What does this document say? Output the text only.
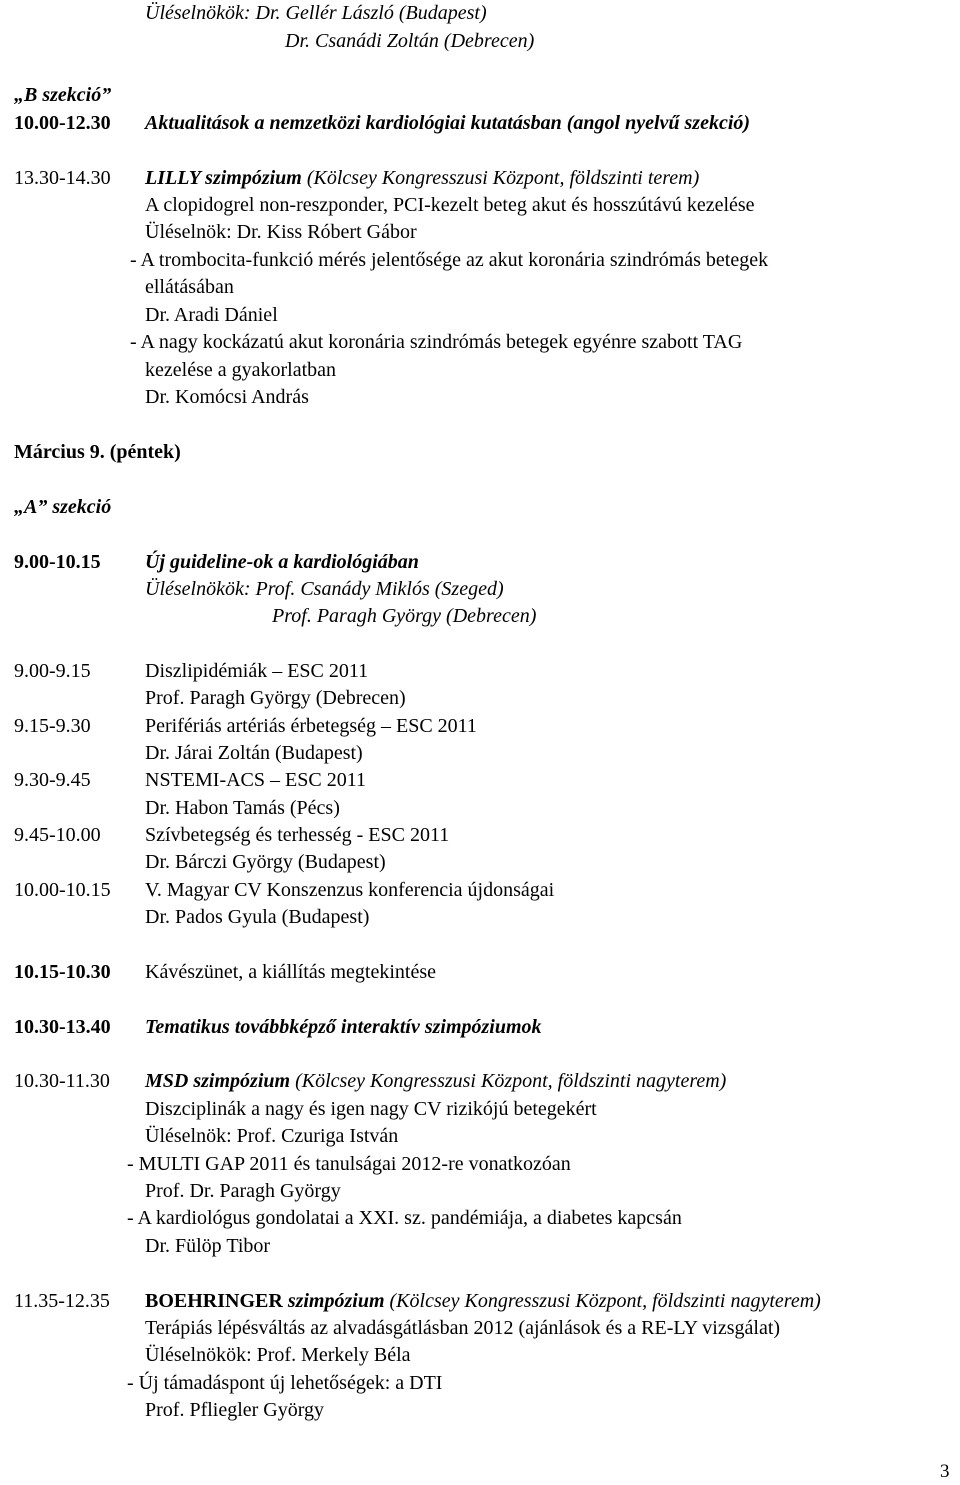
Üléselnökök: Dr. Gellér László (Budapest)
Dr. Csanádi Zoltán (Debrecen)
„B szekció”
10.00-12.30 Aktualitások a nemzetközi kardiológiai kutatásban (angol nyelvű szekció)
13.30-14.30 LILLY szimpózium (Kölcsey Kongresszusi Központ, földszinti terem)
A clopidogrel non-reszponder, PCI-kezelt beteg akut és hosszútávú kezelése
Üléselnök: Dr. Kiss Róbert Gábor
- A trombocita-funkció mérés jelentősége az akut koronária szindrómás betegek
ellátásában
Dr. Aradi Dániel
- A nagy kockázatú akut koronária szindrómás betegek egyénre szabott TAG
kezelése a gyakorlatban
Dr. Komócsi András
Március 9. (péntek)
„A” szekció
9.00-10.15 Új guideline-ok a kardiológiában
Üléselnökök: Prof. Csanády Miklós (Szeged)
Prof. Paragh György (Debrecen)
9.00-9.15	Diszlipidémiák – ESC 2011
Prof. Paragh György (Debrecen)
9.15-9.30	Perifériás artériás érbetegség – ESC 2011
Dr. Járai Zoltán (Budapest)
9.30-9.45	NSTEMI-ACS – ESC 2011
Dr. Habon Tamás (Pécs)
9.45-10.00 Szívbetegség és terhesség - ESC 2011
Dr. Bárczi György (Budapest)
10.00-10.15 V. Magyar CV Konszenzus konferencia újdonságai
Dr. Pados Gyula (Budapest)
10.15-10.30 Kávészünet, a kiállítás megtekintése
10.30-13.40 Tematikus továbbképző interaktív szimpóziumok
10.30-11.30 MSD szimpózium (Kölcsey Kongresszusi Központ, földszinti nagyterem)
Diszciplinák a nagy és igen nagy CV rizikójú betegekért
Üléselnök: Prof. Czuriga István
- MULTI GAP 2011 és tanulságai 2012-re vonatkozóan
Prof. Dr. Paragh György
- A kardiológus gondolatai a XXI. sz. pandémiája, a diabetes kapcsán
Dr. Fülöp Tibor
11.35-12.35 BOEHRINGER szimpózium (Kölcsey Kongresszusi Központ, földszinti nagyterem)
Terápiás lépésváltás az alvadásgátlásban 2012 (ajánlások és a RE-LY vizsgálat)
Üléselnökök: Prof. Merkely Béla
- Új támadáspont új lehetőségek: a DTI
Prof. Pfliegler György
3
